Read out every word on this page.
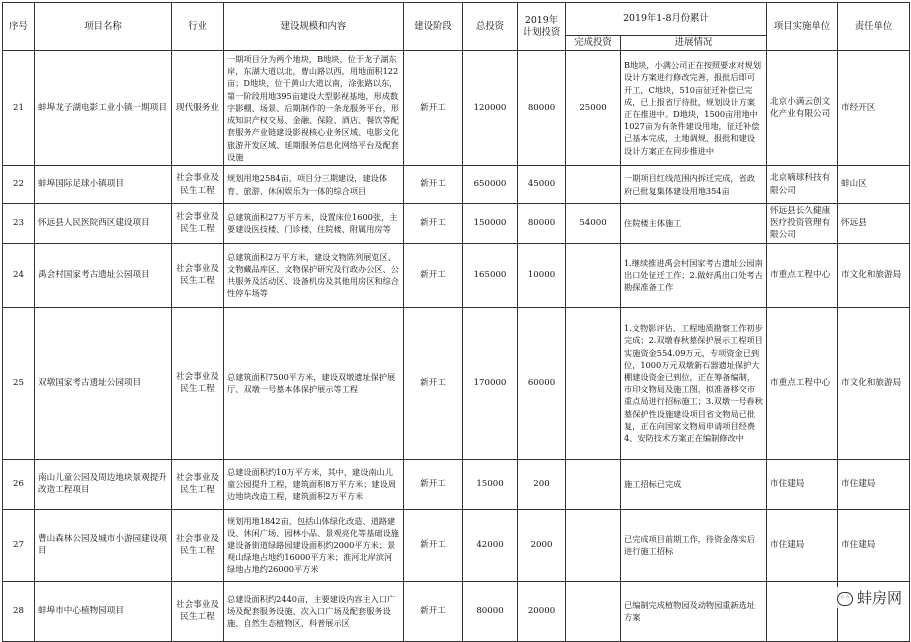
序号	项目名称	行业	建设规模和内容	建设阶段	总投资	2019年计划投资	2019年1-8月份累计		项目实施单位	责任单位
							完成投资	进展情况		
21	蚌埠龙子湖电影工业小镇一期项目	现代服务业	一期项目分为两个地块，B地块，位于龙子湖东岸，东湖大道以北，曹山路以西，用地面积122亩；D地块，位于黄山大道以南，涂张路以东，第一阶段用地395亩建设大型影视基地，形成数字影棚、场景、后期制作的一条龙服务平台，形成知识产权交易、金融、保险、酒店、餐饮等配套服务产业链建设影视核心业务区域、电影文化旅游开发区域、延期服务信息化网络平台及配套设施	新开工	120000	80000	25000	B地块，小满公司正在按照要求对规划设计方案进行修改完善，报批后即可开工，C地块，510亩征迁补偿已完成，已上报省厅待批，规划设计方案正在推进中。D地块，1500亩用地中1027亩为有条件建设用地，征迁补偿已基本完成，土地调规、报批和建设设计方案正在同步推进中	北京小满云创文化产业有限公司	市经开区
22	蚌埠国际足球小镇项目	社会事业及民生工程	规划用地2584亩，项目分三期建设，建设体育、旅游、休闲娱乐为一体的综合项目	新开工	650000	45000		一期项目红线范围内拆迁完成，省政府已批复集体建设用地354亩	北京嘀球科技有限公司	蚌山区
23	怀远县人民医院西区建设项目	社会事业及民生工程	总建筑面积27万平方米，设置床位1600张，主要建设医技楼、门诊楼、住院楼、附属用房等	新开工	150000	80000	54000	住院楼主体施工	怀远县长久健康医疗投资管理有限公司	怀远县
24	禹会村国家考古遗址公园项目	社会事业及民生工程	总建筑面积2万平方米，建设文物陈列展览区、文物藏品库区、文物保护研究及行政办公区、公共服务及活动区、设备机房及其他用房区和综合性停车场等	新开工	165000	10000		1.继续推进禹会村国家考古遗址公园南出口处征迁工作；2.做好禹出口处考古勘探准备工作	市重点工程中心	市文化和旅游局
25	双墩国家考古遗址公园项目	社会事业及民生工程	总建筑面积7500平方米，建设双墩遗址保护展厅、双墩一号墓本体保护展示等工程	新开工	170000	60000		1.文物影评估、工程地质勘察工作初步完成；2.双墩春秋墓保护展示工程项目实施资金554.09万元，专项资金已到位，1000万元双墩新石器遗址保护大棚建设资金已到位，正在筹备编制，市印文物局及施工图，拟准备移交市重点局进行招标施工；3.双墩一号春秋墓保护性设施建设项目省文物局已批复，正在向国家文物局申请项目经费4、安防技术方案正在编制修改中	市重点工程中心	市文化和旅游局
26	南山儿童公园及周边地块景观提升改造工程项目	社会事业及民生工程	总建设面积约10万平方米，其中，建设南山儿童公园提升工程，建筑面积8万平方米；建设周边地块改造工程，建筑面积2万平方米	新开工	15000	200		施工招标已完成	市住建局	市住建局
27	曹山森林公园及城市小游园建设项目	社会事业及民生工程	规划用地1842亩，包括山体绿化改造、道路建设、休闲广场、园林小品、景观亮化等基础设施建设备街道绿路园建设面积约2000平方米；景观山绿地占地约16000平方米；淮河北岸滨河绿地占地约26000平方米	新开工	42000	2000		已完成项目前期工作，待资金落实后进行施工招标	市住建局	市住建局
28	蚌埠市中心植物园项目	社会事业及民生工程	总建设面积约2440亩，主要建设内容主入口广场及配套服务设施、次入口广场及配套服务设施、自然生态植物区、科普展示区	新开工	80000	20000		已编制完成植物园及动物园重新选址方案		
◦◦ 蚌房网
